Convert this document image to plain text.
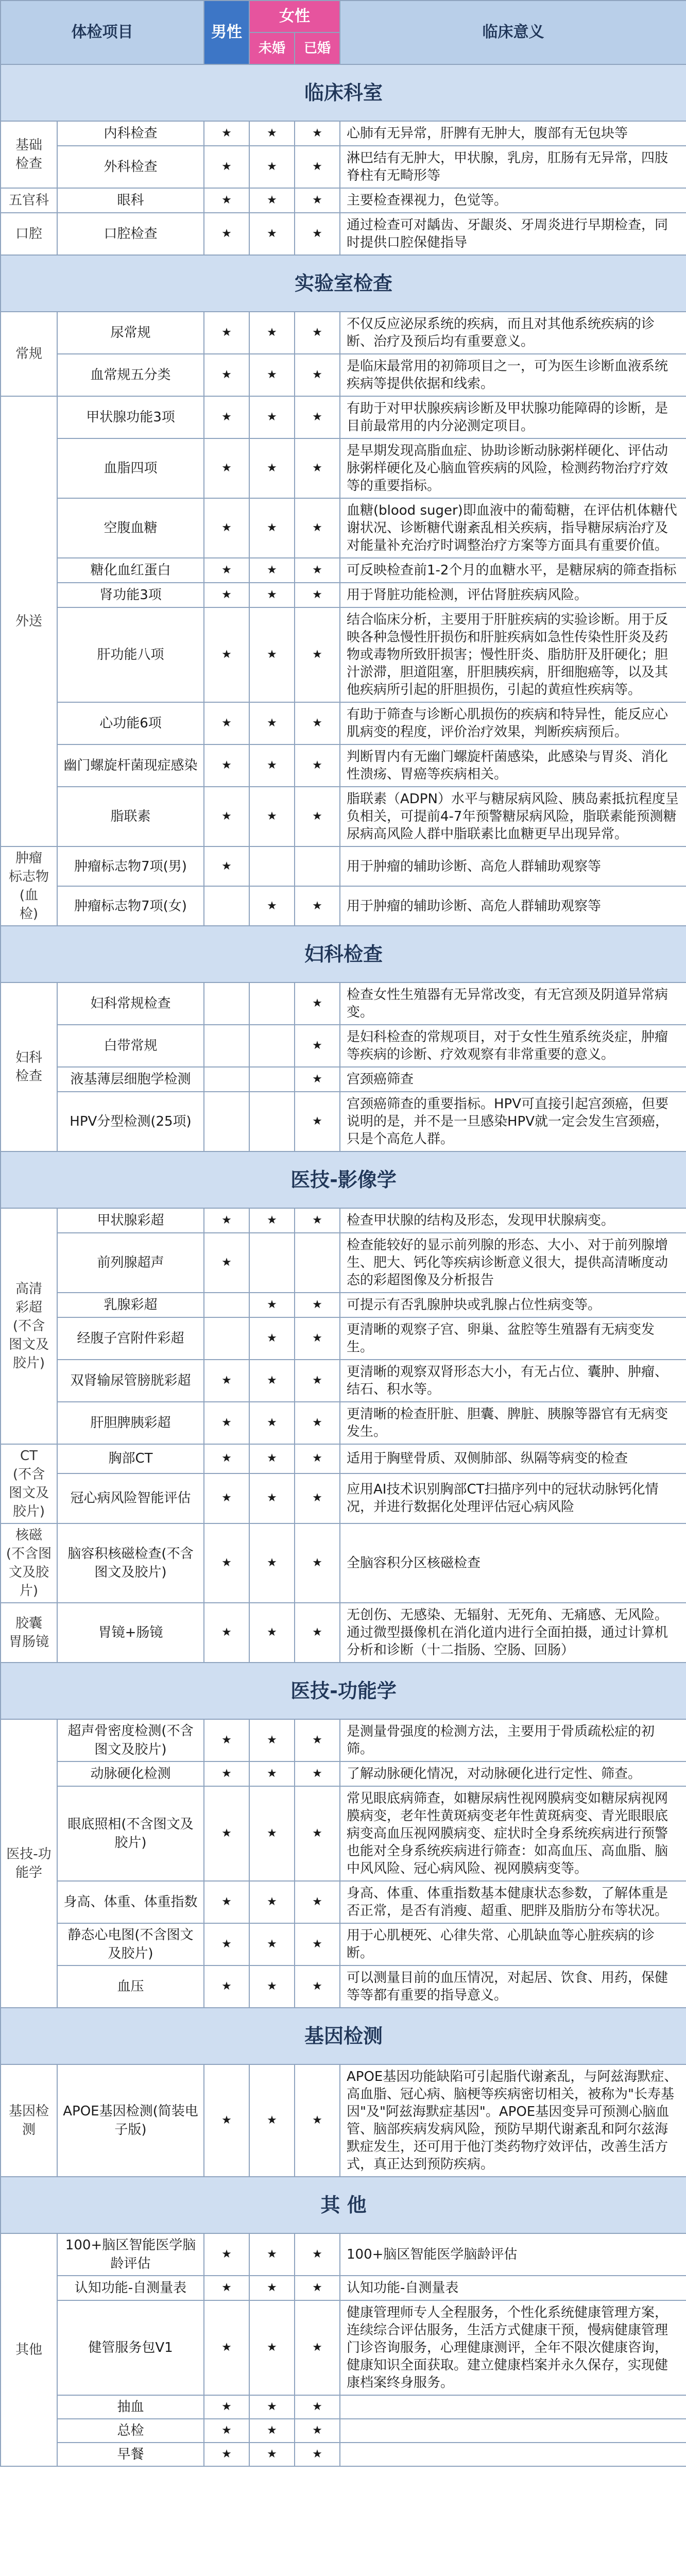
体检项目		男性	女性		临床意义
			未婚	已婚	
临床科室					
基础
检查	内科检查	★	★	★	心肺有无异常，肝脾有无肿大，腹部有无包块等
	外科检查	★	★	★	淋巴结有无肿大，甲状腺，乳房，肛肠有无异常，四肢脊柱有无畸形等
五官科	眼科	★	★	★	主要检查裸视力，色觉等。
口腔	口腔检查	★	★	★	通过检查可对龋齿、牙龈炎、牙周炎进行早期检查，同时提供口腔保健指导
实验室检查					
常规	尿常规	★	★	★	不仅反应泌尿系统的疾病，而且对其他系统疾病的诊断、治疗及预后均有重要意义。
	血常规五分类	★	★	★	是临床最常用的初筛项目之一，可为医生诊断血液系统疾病等提供依据和线索。
外送	甲状腺功能3项	★	★	★	有助于对甲状腺疾病诊断及甲状腺功能障碍的诊断，是目前最常用的内分泌测定项目。
	血脂四项	★	★	★	是早期发现高脂血症、协助诊断动脉粥样硬化、评估动脉粥样硬化及心脑血管疾病的风险，检测药物治疗疗效等的重要指标。
	空腹血糖	★	★	★	血糖(blood suger)即血液中的葡萄糖，在评估机体糖代谢状况、诊断糖代谢紊乱相关疾病，指导糖尿病治疗及对能量补充治疗时调整治疗方案等方面具有重要价值。
	糖化血红蛋白	★	★	★	可反映检查前1-2个月的血糖水平，是糖尿病的筛查指标
	肾功能3项	★	★	★	用于肾脏功能检测，评估肾脏疾病风险。
	肝功能八项	★	★	★	结合临床分析，主要用于肝脏疾病的实验诊断。用于反映各种急慢性肝损伤和肝脏疾病如急性传染性肝炎及药物或毒物所致肝损害；慢性肝炎、脂肪肝及肝硬化；胆汁淤滞，胆道阻塞，肝胆胰疾病，肝细胞癌等，以及其他疾病所引起的肝胆损伤，引起的黄疸性疾病等。
	心功能6项	★	★	★	有助于筛查与诊断心肌损伤的疾病和特异性，能反应心肌病变的程度，评价治疗效果，判断疾病预后。
	幽门螺旋杆菌现症感染	★	★	★	判断胃内有无幽门螺旋杆菌感染，此感染与胃炎、消化性溃疡、胃癌等疾病相关。
	脂联素	★	★	★	脂联素（ADPN）水平与糖尿病风险、胰岛素抵抗程度呈负相关，可提前4-7年预警糖尿病风险，脂联素能预测糖尿病高风险人群中脂联素比血糖更早出现异常。
肿瘤
标志物
(血
检)	肿瘤标志物7项(男)	★			用于肿瘤的辅助诊断、高危人群辅助观察等
	肿瘤标志物7项(女)		★	★	用于肿瘤的辅助诊断、高危人群辅助观察等
妇科检查					
妇科
检查	妇科常规检查			★	检查女性生殖器有无异常改变，有无宫颈及阴道异常病变。
	白带常规			★	是妇科检查的常规项目，对于女性生殖系统炎症，肿瘤等疾病的诊断、疗效观察有非常重要的意义。
	液基薄层细胞学检测			★	宫颈癌筛查
	HPV分型检测(25项)			★	宫颈癌筛查的重要指标。HPV可直接引起宫颈癌，但要说明的是，并不是一旦感染HPV就一定会发生宫颈癌，只是个高危人群。
医技-影像学					
高清
彩超
(不含
图文及
胶片)	甲状腺彩超	★	★	★	检查甲状腺的结构及形态，发现甲状腺病变。
	前列腺超声	★			检查能较好的显示前列腺的形态、大小、对于前列腺增生、肥大、钙化等疾病诊断意义很大，提供高清晰度动态的彩超图像及分析报告
	乳腺彩超		★	★	可提示有否乳腺肿块或乳腺占位性病变等。
	经腹子宫附件彩超		★	★	更清晰的观察子宫、卵巢、盆腔等生殖器有无病变发生。
	双肾输尿管膀胱彩超	★	★	★	更清晰的观察双肾形态大小，有无占位、囊肿、肿瘤、结石、积水等。
	肝胆脾胰彩超	★	★	★	更清晰的检查肝脏、胆囊、脾脏、胰腺等器官有无病变发生。
CT
(不含
图文及
胶片)	胸部CT	★	★	★	适用于胸壁骨质、双侧肺部、纵隔等病变的检查
	冠心病风险智能评估	★	★	★	应用AI技术识别胸部CT扫描序列中的冠状动脉钙化情况，并进行数据化处理评估冠心病风险
核磁
(不含图
文及胶
片)	脑容积核磁检查(不含图文及胶片)	★	★	★	全脑容积分区核磁检查
胶囊
胃肠镜	胃镜+肠镜	★	★	★	无创伤、无感染、无辐射、无死角、无痛感、无风险。通过微型摄像机在消化道内进行全面拍摄，通过计算机分析和诊断（十二指肠、空肠、回肠）
医技-功能学					
医技-功
能学	超声骨密度检测(不含图文及胶片)	★	★	★	是测量骨强度的检测方法，主要用于骨质疏松症的初筛。
	动脉硬化检测	★	★	★	了解动脉硬化情况，对动脉硬化进行定性、筛查。
	眼底照相(不含图文及胶片)	★	★	★	常见眼底病筛查，如糖尿病性视网膜病变如糖尿病视网膜病变，老年性黄斑病变老年性黄斑病变、青光眼眼底病变高血压视网膜病变、症状时全身系统疾病进行预警也能对全身系统疾病进行筛查：如高血压、高血脂、脑中风风险、冠心病风险、视网膜病变等。
	身高、体重、体重指数	★	★	★	身高、体重、体重指数基本健康状态参数，了解体重是否正常，是否有消瘦、超重、肥胖及脂肪分布等状况。
	静态心电图(不含图文及胶片)	★	★	★	用于心肌梗死、心律失常、心肌缺血等心脏疾病的诊断。
	血压	★	★	★	可以测量目前的血压情况，对起居、饮食、用药，保健等等都有重要的指导意义。
基因检测					
基因检
测	APOE基因检测(简装电子版)	★	★	★	APOE基因功能缺陷可引起脂代谢紊乱，与阿兹海默症、高血脂、冠心病、脑梗等疾病密切相关，被称为"长寿基因"及"阿兹海默症基因"。APOE基因变异可预测心脑血管、脑部疾病发病风险，预防早期代谢紊乱和阿尔兹海默症发生，还可用于他汀类药物疗效评估，改善生活方式，真正达到预防疾病。
其 他					
其他	100+脑区智能医学脑龄评估	★	★	★	100+脑区智能医学脑龄评估
	认知功能-自测量表	★	★	★	认知功能-自测量表
	健管服务包V1	★	★	★	健康管理师专人全程服务，个性化系统健康管理方案，连续综合评估服务，生活方式健康干预，慢病健康管理门诊咨询服务，心理健康测评，全年不限次健康咨询，健康知识全面获取。建立健康档案并永久保存，实现健康档案终身服务。
	抽血	★	★	★	
	总检	★	★	★	
	早餐	★	★	★	
